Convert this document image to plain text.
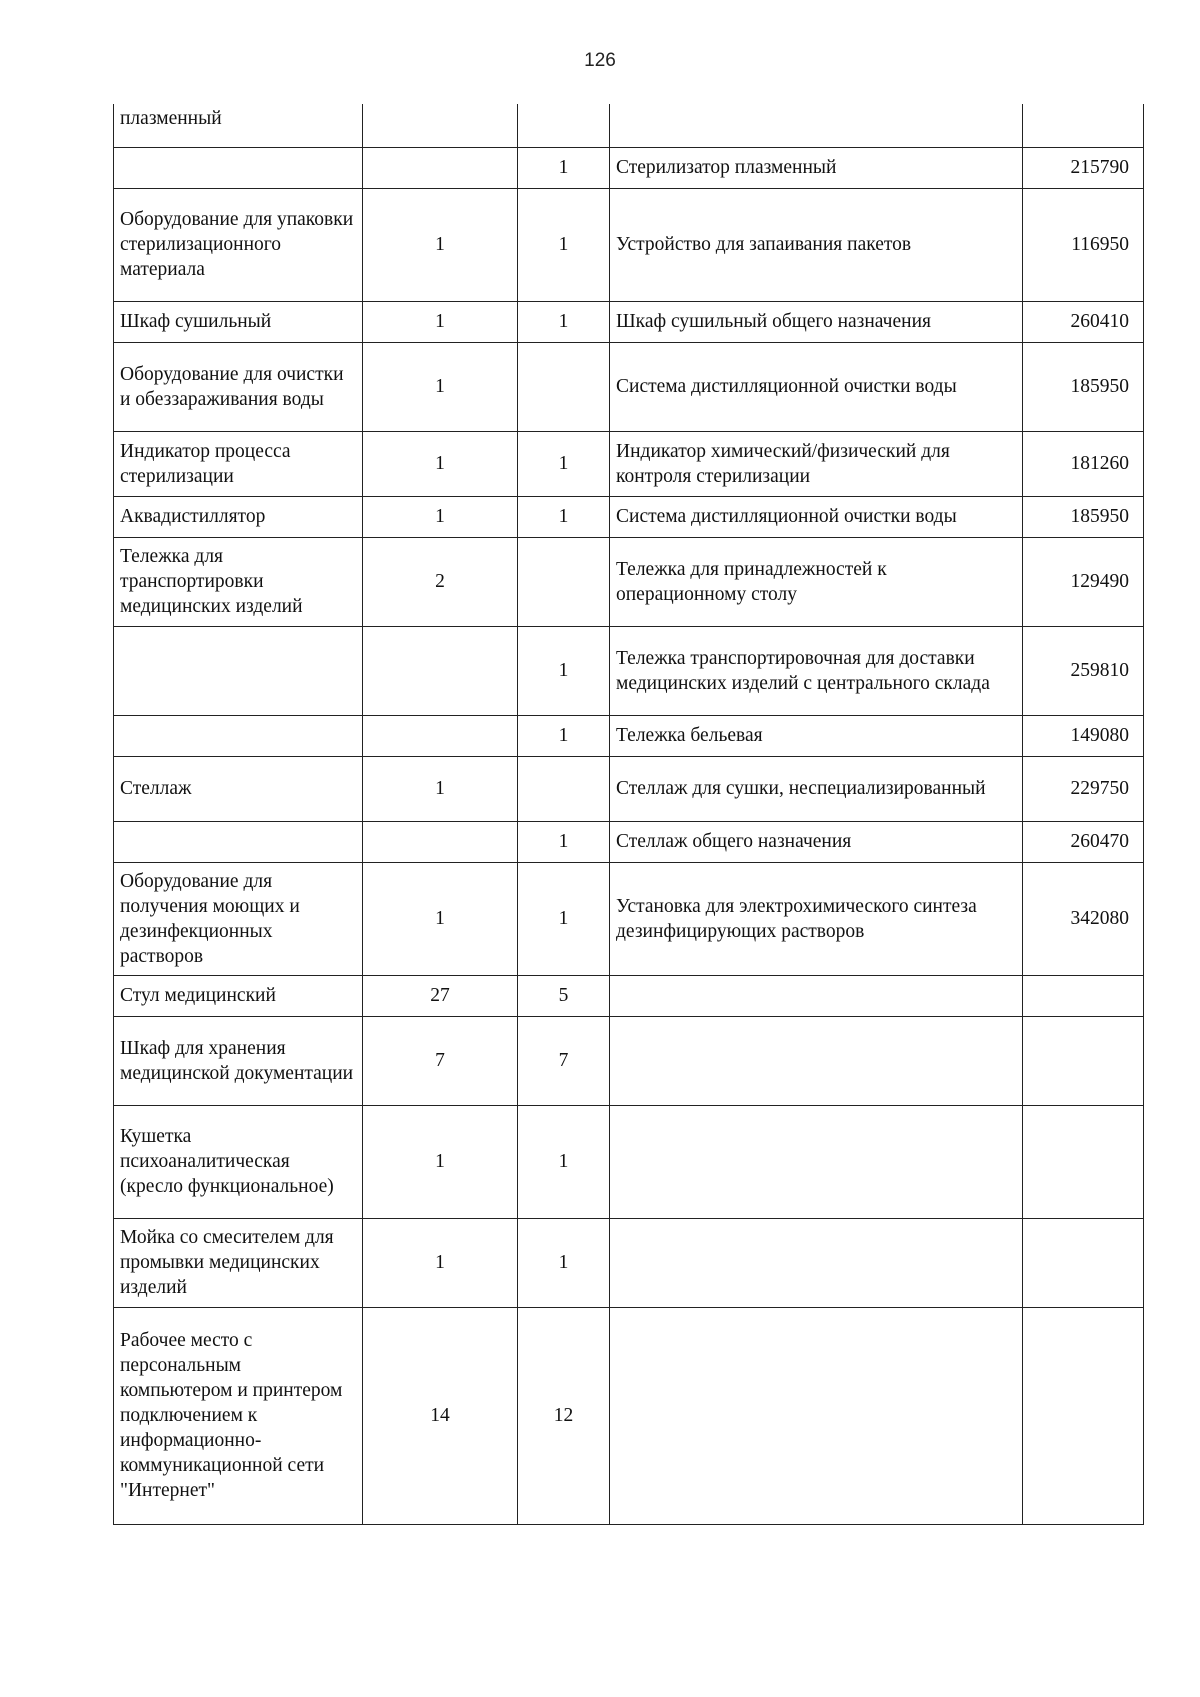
126
плазменный				
		1	Стерилизатор плазменный	215790
Оборудование для упаковки стерилизационного материала	1	1	Устройство для запаивания пакетов	116950
Шкаф сушильный	1	1	Шкаф сушильный общего назначения	260410
Оборудование для очистки и обеззараживания воды	1		Система дистилляционной очистки воды	185950
Индикатор процесса стерилизации	1	1	Индикатор химический/физический для контроля стерилизации	181260
Аквадистиллятор	1	1	Система дистилляционной очистки воды	185950
Тележка для транспортировки медицинских изделий	2		Тележка для принадлежностей к операционному столу	129490
		1	Тележка транспортировочная для доставки медицинских изделий с центрального склада	259810
		1	Тележка бельевая	149080
Стеллаж	1		Стеллаж для сушки, неспециализированный	229750
		1	Стеллаж общего назначения	260470
Оборудование для получения моющих и дезинфекционных растворов	1	1	Установка для электрохимического синтеза дезинфицирующих растворов	342080
Стул медицинский	27	5		
Шкаф для хранения медицинской документации	7	7		
Кушетка психоаналитическая (кресло функциональное)	1	1		
Мойка со смесителем для промывки медицинских изделий	1	1		
Рабочее место с персональным компьютером и принтером подключением к информационно-коммуникационной сети "Интернет"	14	12		
